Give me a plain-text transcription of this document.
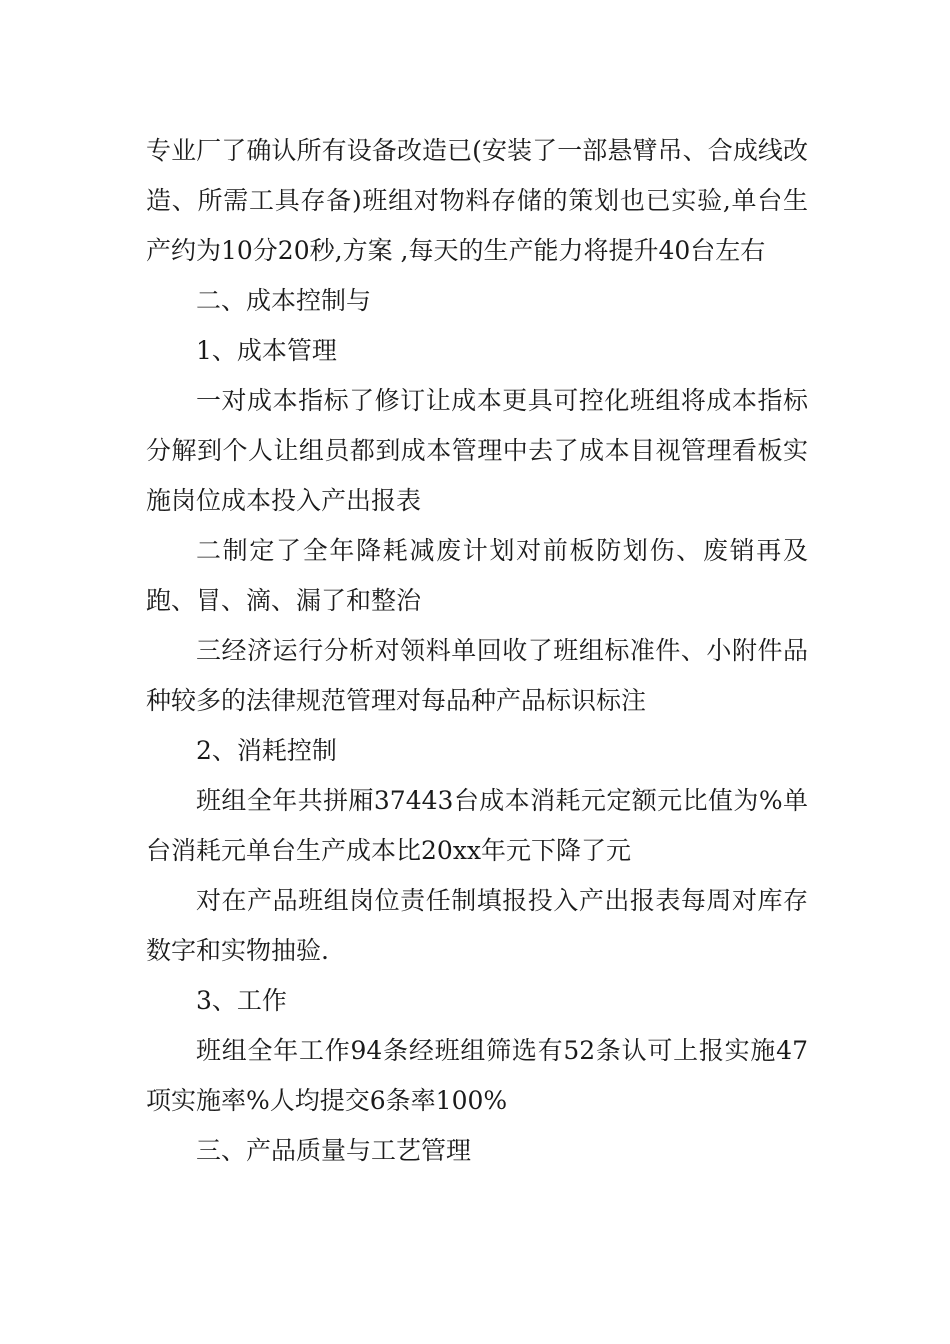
专业厂了确认所有设备改造已(安装了一部悬臂吊、合成线改造、所需工具存备)班组对物料存储的策划也已实验,单台生产约为10分20秒,方案 ,每天的生产能力将提升40台左右

二、成本控制与

1、成本管理

一对成本指标了修订让成本更具可控化班组将成本指标分解到个人让组员都到成本管理中去了成本目视管理看板实施岗位成本投入产出报表

二制定了全年降耗减废计划对前板防划伤、废销再及跑、冒、滴、漏了和整治

三经济运行分析对领料单回收了班组标准件、小附件品种较多的法律规范管理对每品种产品标识标注

2、消耗控制

班组全年共拼厢37443台成本消耗元定额元比值为%单台消耗元单台生产成本比20xx年元下降了元

对在产品班组岗位责任制填报投入产出报表每周对库存数字和实物抽验.

3、工作

班组全年工作94条经班组筛选有52条认可上报实施47项实施率%人均提交6条率100%

三、产品质量与工艺管理
